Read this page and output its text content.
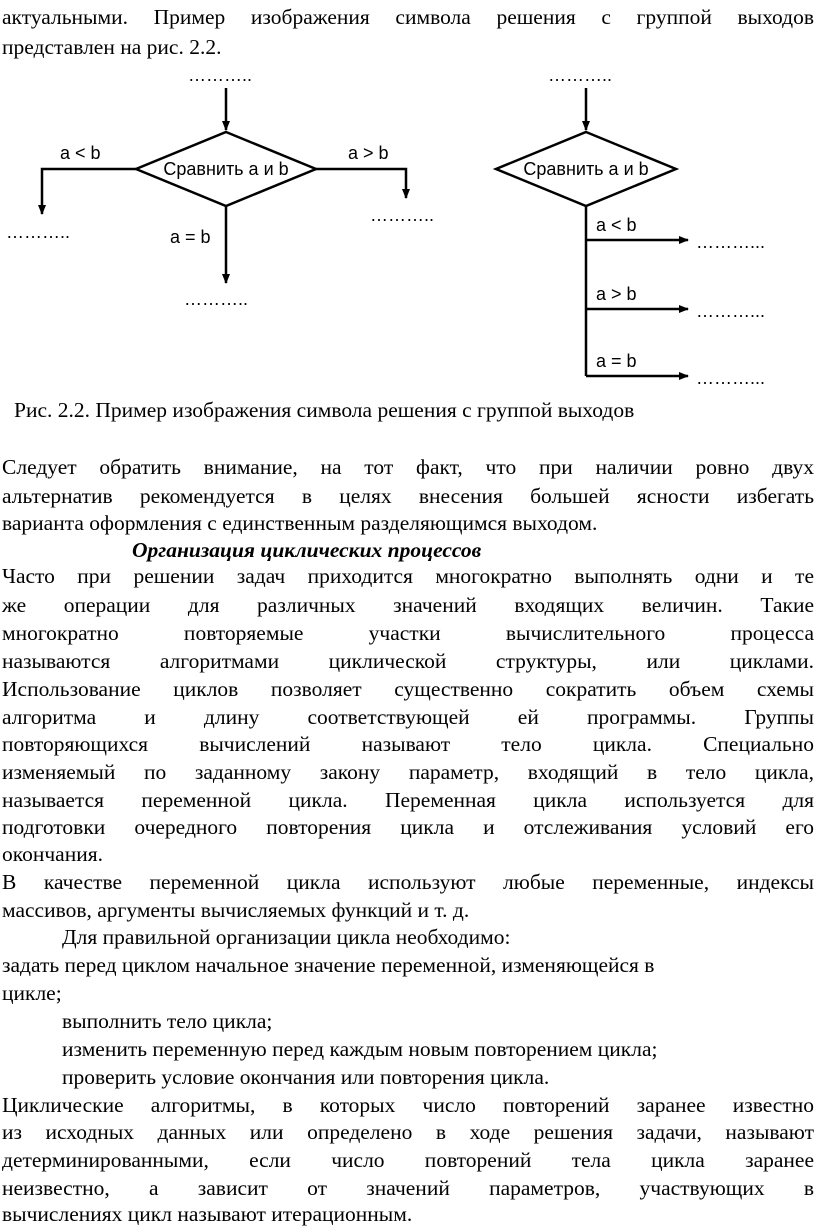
актуальными. Пример изображения символа решения с группой выходов
представлен на рис. 2.2.
………..
Сравнить a и b
a < b	a > b
a = b
………..
………..
………..
………..
Сравнить a и b
a < b
a > b
a = b
………...
………...
………...
Рис. 2.2. Пример изображения символа решения с группой выходов
Следует обратить внимание, на тот факт, что при наличии ровно двух
альтернатив рекомендуется в целях внесения большей ясности избегать
варианта оформления с единственным разделяющимся выходом.
Организация циклических процессов
Часто при решении задач приходится многократно выполнять одни и те
же операции для различных значений входящих величин. Такие
многократно повторяемые участки вычислительного процесса
называются алгоритмами циклической структуры, или циклами.
Использование циклов позволяет существенно сократить объем схемы
алгоритма и длину соответствующей ей программы. Группы
повторяющихся вычислений называют тело цикла. Специально
изменяемый по заданному закону параметр, входящий в тело цикла,
называется переменной цикла. Переменная цикла используется для
подготовки очередного повторения цикла и отслеживания условий его
окончания.
В качестве переменной цикла используют любые переменные, индексы
массивов, аргументы вычисляемых функций и т. д.
Для правильной организации цикла необходимо:
задать перед циклом начальное значение переменной, изменяющейся в
цикле;
выполнить тело цикла;
изменить переменную перед каждым новым повторением цикла;
проверить условие окончания или повторения цикла.
Циклические алгоритмы, в которых число повторений заранее известно
из исходных данных или определено в ходе решения задачи, называют
детерминированными, если число повторений тела цикла заранее
неизвестно, а зависит от значений параметров, участвующих в
вычислениях цикл называют итерационным.
